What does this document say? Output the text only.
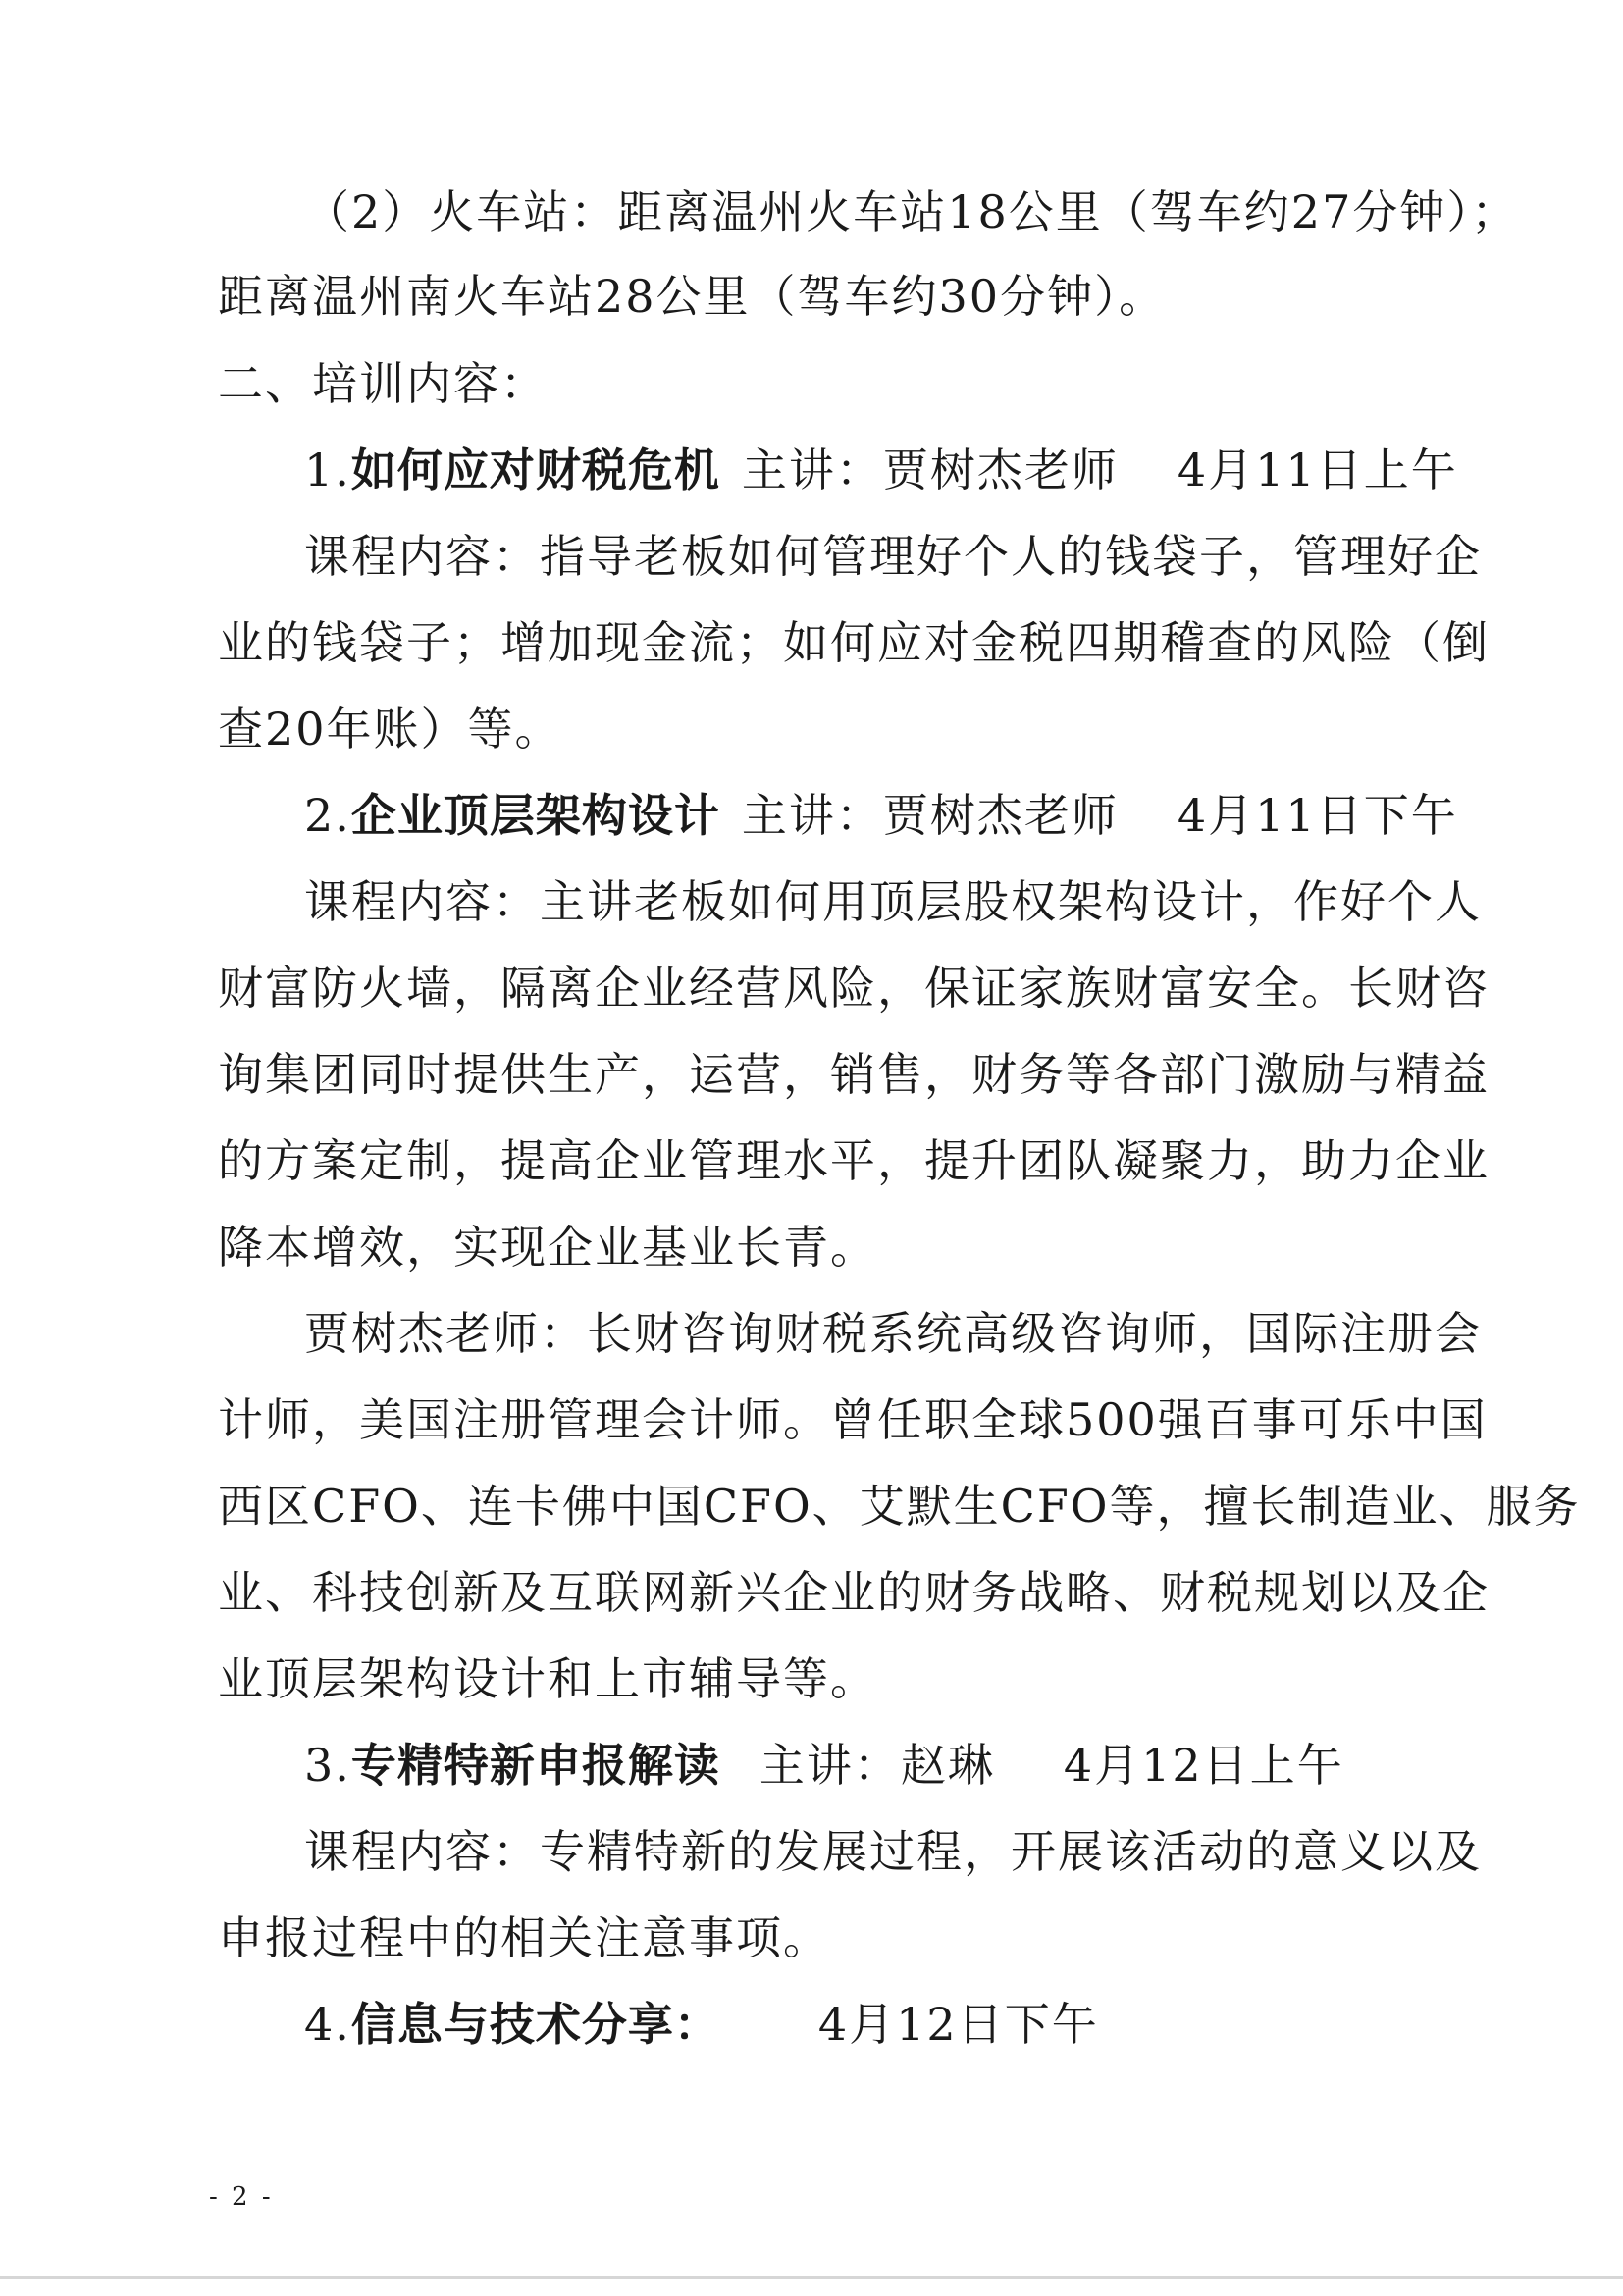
（2）火车站：距离温州火车站18公里（驾车约27分钟）；
距离温州南火车站28公里（驾车约30分钟）。
二、培训内容：
1.如何应对财税危机 主讲：贾树杰老师 4月11日上午
课程内容：指导老板如何管理好个人的钱袋子，管理好企
业的钱袋子；增加现金流；如何应对金税四期稽查的风险（倒
查20年账）等。
2.企业顶层架构设计 主讲：贾树杰老师 4月11日下午
课程内容：主讲老板如何用顶层股权架构设计，作好个人
财富防火墙，隔离企业经营风险，保证家族财富安全。长财咨
询集团同时提供生产，运营，销售，财务等各部门激励与精益
的方案定制，提高企业管理水平，提升团队凝聚力，助力企业
降本增效，实现企业基业长青。
贾树杰老师：长财咨询财税系统高级咨询师，国际注册会
计师，美国注册管理会计师。曾任职全球500强百事可乐中国
西区CFO、连卡佛中国CFO、艾默生CFO等，擅长制造业、服务
业、科技创新及互联网新兴企业的财务战略、财税规划以及企
业顶层架构设计和上市辅导等。
3.专精特新申报解读 主讲：赵琳 4月12日上午
课程内容：专精特新的发展过程，开展该活动的意义以及
申报过程中的相关注意事项。
4.信息与技术分享： 4月12日下午
- 2 -
